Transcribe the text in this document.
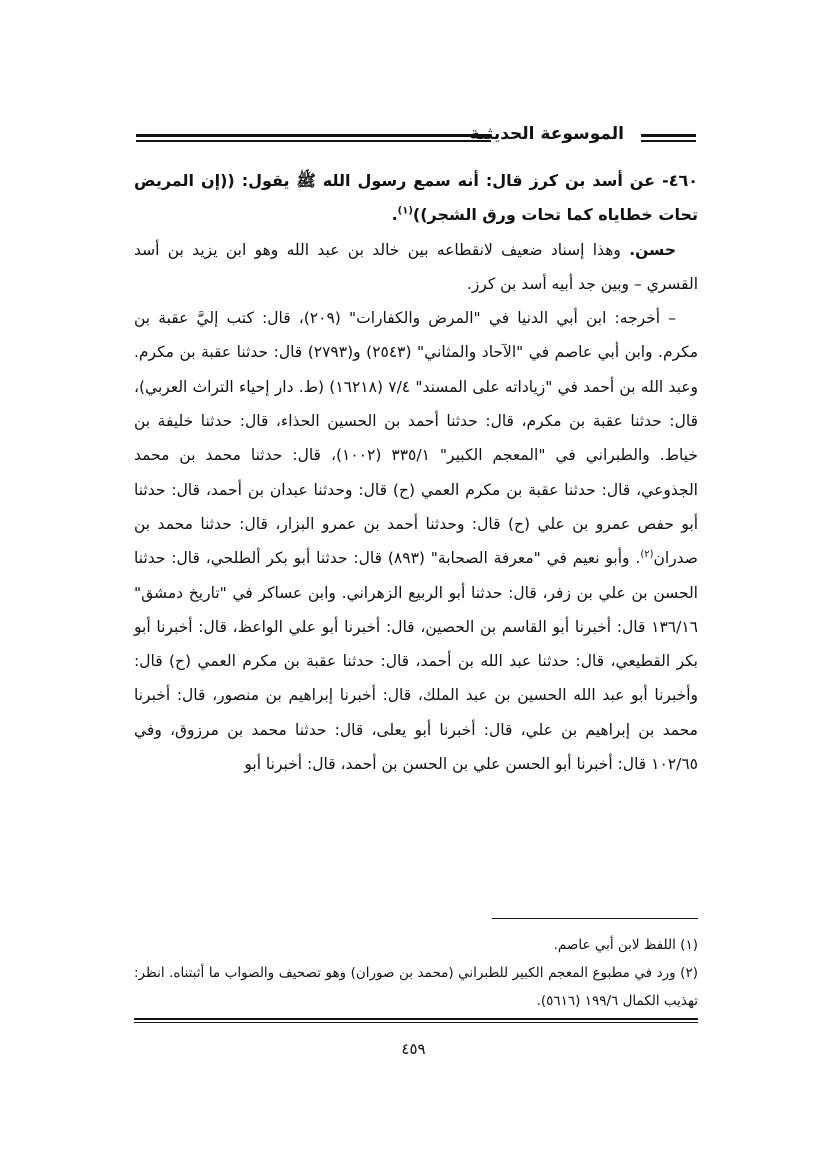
الموسوعة الحديثية

٤٦٠- عن أسد بن كرز قال: أنه سمع رسول الله ﷺ يقول: ((إن المريض تحات خطاياه كما تحات ورق الشجر))$^{(١)}$.

حسن. وهذا إسناد ضعيف لانقطاعه بين خالد بن عبد الله وهو ابن يزيد بن أسد القسري – وبين جد أبيه أسد بن كرز.

– أخرجه: ابن أبي الدنيا في "المرض والكفارات" (٢٠٩)، قال: كتب إليَّ عقبة بن مكرم. وابن أبي عاصم في "الآحاد والمثاني" (٢٥٤٣) و(٢٧٩٣) قال: حدثنا عقبة بن مكرم. وعبد الله بن أحمد في "زياداته على المسند" ٧/٤ (١٦٢١٨) (ط. دار إحياء التراث العربي)، قال: حدثنا عقبة بن مكرم، قال: حدثنا أحمد بن الحسين الحذاء، قال: حدثنا خليفة بن خياط. والطبراني في "المعجم الكبير" ٣٣٥/١ (١٠٠٢)، قال: حدثنا محمد بن محمد الجذوعي، قال: حدثنا عقبة بن مكرم العمي (ح) قال: وحدثنا عبدان بن أحمد، قال: حدثنا أبو حفص عمرو بن علي (ح) قال: وحدثنا أحمد بن عمرو البزار، قال: حدثنا محمد بن صدران$^{(٢)}$. وأبو نعيم في "معرفة الصحابة" (٨٩٣) قال: حدثنا أبو بكر ألطلحي، قال: حدثنا الحسن بن علي بن زفر، قال: حدثنا أبو الربيع الزهراني. وابن عساكر في "تاريخ دمشق" ١٣٦/١٦ قال: أخبرنا أبو القاسم بن الحصين، قال: أخبرنا أبو علي الواعظ، قال: أخبرنا أبو بكر القطيعي، قال: حدثنا عبد الله بن أحمد، قال: حدثنا عقبة بن مكرم العمي (ح) قال: وأخبرنا أبو عبد الله الحسين بن عبد الملك، قال: أخبرنا إبراهيم بن منصور، قال: أخبرنا محمد بن إبراهيم بن علي، قال: أخبرنا أبو يعلى، قال: حدثنا محمد بن مرزوق، وفي ١٠٢/٦٥ قال: أخبرنا أبو الحسن علي بن الحسن بن أحمد، قال: أخبرنا أبو

(١) اللفظ لابن أبي عاصم.

(٢) ورد في مطبوع المعجم الكبير للطبراني (محمد بن صوران) وهو تصحيف والصواب ما أثبتناه. انظر: تهذيب الكمال ١٩٩/٦ (٥٦١٦).

٤٥٩
